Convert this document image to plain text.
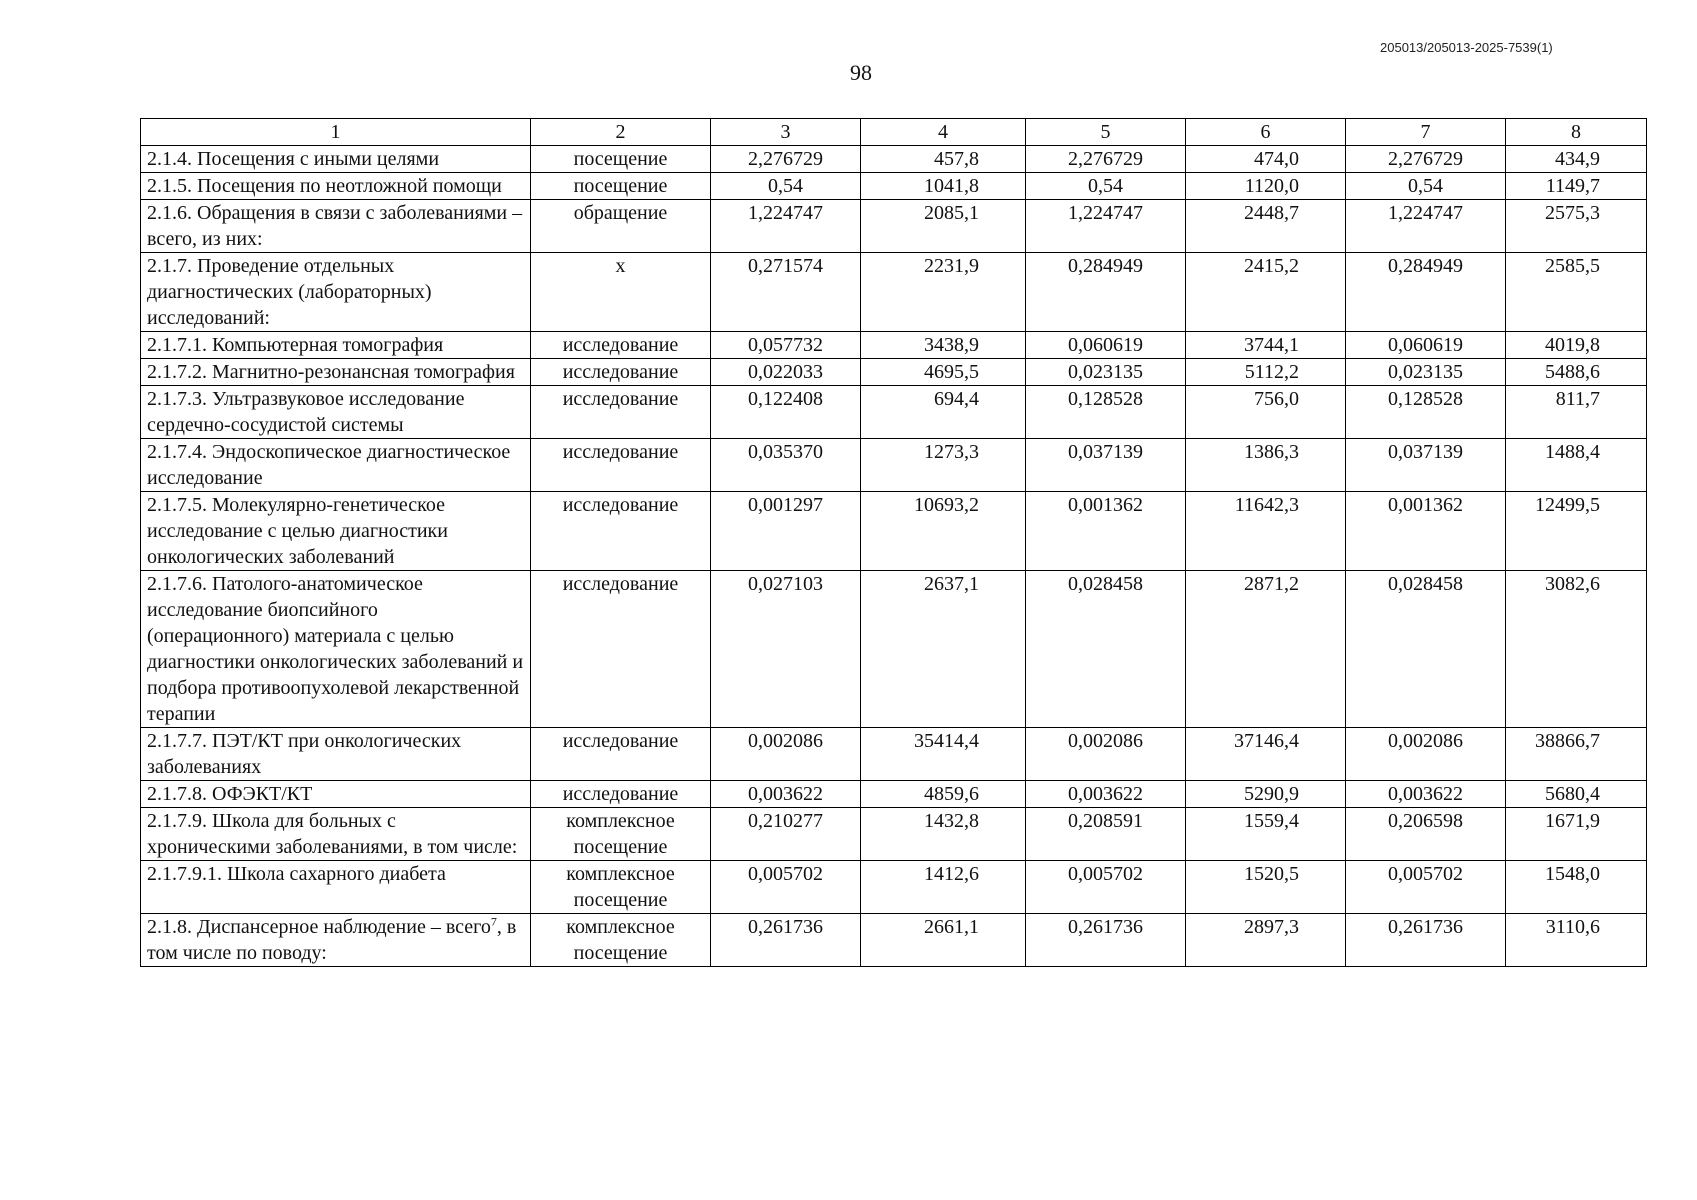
205013/205013-2025-7539(1)
98
1	2	3	4	5	6	7	8
2.1.4. Посещения с иными целями	посещение	2,276729	457,8	2,276729	474,0	2,276729	434,9
2.1.5. Посещения по неотложной помощи	посещение	0,54	1041,8	0,54	1120,0	0,54	1149,7
2.1.6. Обращения в связи с заболеваниями – всего, из них:	обращение	1,224747	2085,1	1,224747	2448,7	1,224747	2575,3
2.1.7. Проведение отдельных диагностических (лабораторных) исследований:	х	0,271574	2231,9	0,284949	2415,2	0,284949	2585,5
2.1.7.1. Компьютерная томография	исследование	0,057732	3438,9	0,060619	3744,1	0,060619	4019,8
2.1.7.2. Магнитно-резонансная томография	исследование	0,022033	4695,5	0,023135	5112,2	0,023135	5488,6
2.1.7.3. Ультразвуковое исследование сердечно-сосудистой системы	исследование	0,122408	694,4	0,128528	756,0	0,128528	811,7
2.1.7.4. Эндоскопическое диагностическое исследование	исследование	0,035370	1273,3	0,037139	1386,3	0,037139	1488,4
2.1.7.5. Молекулярно-генетическое исследование с целью диагностики онкологических заболеваний	исследование	0,001297	10693,2	0,001362	11642,3	0,001362	12499,5
2.1.7.6. Патолого-анатомическое исследование биопсийного (операционного) материала с целью диагностики онкологических заболеваний и подбора противоопухолевой лекарственной терапии	исследование	0,027103	2637,1	0,028458	2871,2	0,028458	3082,6
2.1.7.7. ПЭТ/КТ при онкологических заболеваниях	исследование	0,002086	35414,4	0,002086	37146,4	0,002086	38866,7
2.1.7.8. ОФЭКТ/КТ	исследование	0,003622	4859,6	0,003622	5290,9	0,003622	5680,4
2.1.7.9. Школа для больных с хроническими заболеваниями, в том числе:	комплексное посещение	0,210277	1432,8	0,208591	1559,4	0,206598	1671,9
2.1.7.9.1. Школа сахарного диабета	комплексное посещение	0,005702	1412,6	0,005702	1520,5	0,005702	1548,0
2.1.8. Диспансерное наблюдение – всего$^7$, в том числе по поводу:	комплексное посещение	0,261736	2661,1	0,261736	2897,3	0,261736	3110,6
